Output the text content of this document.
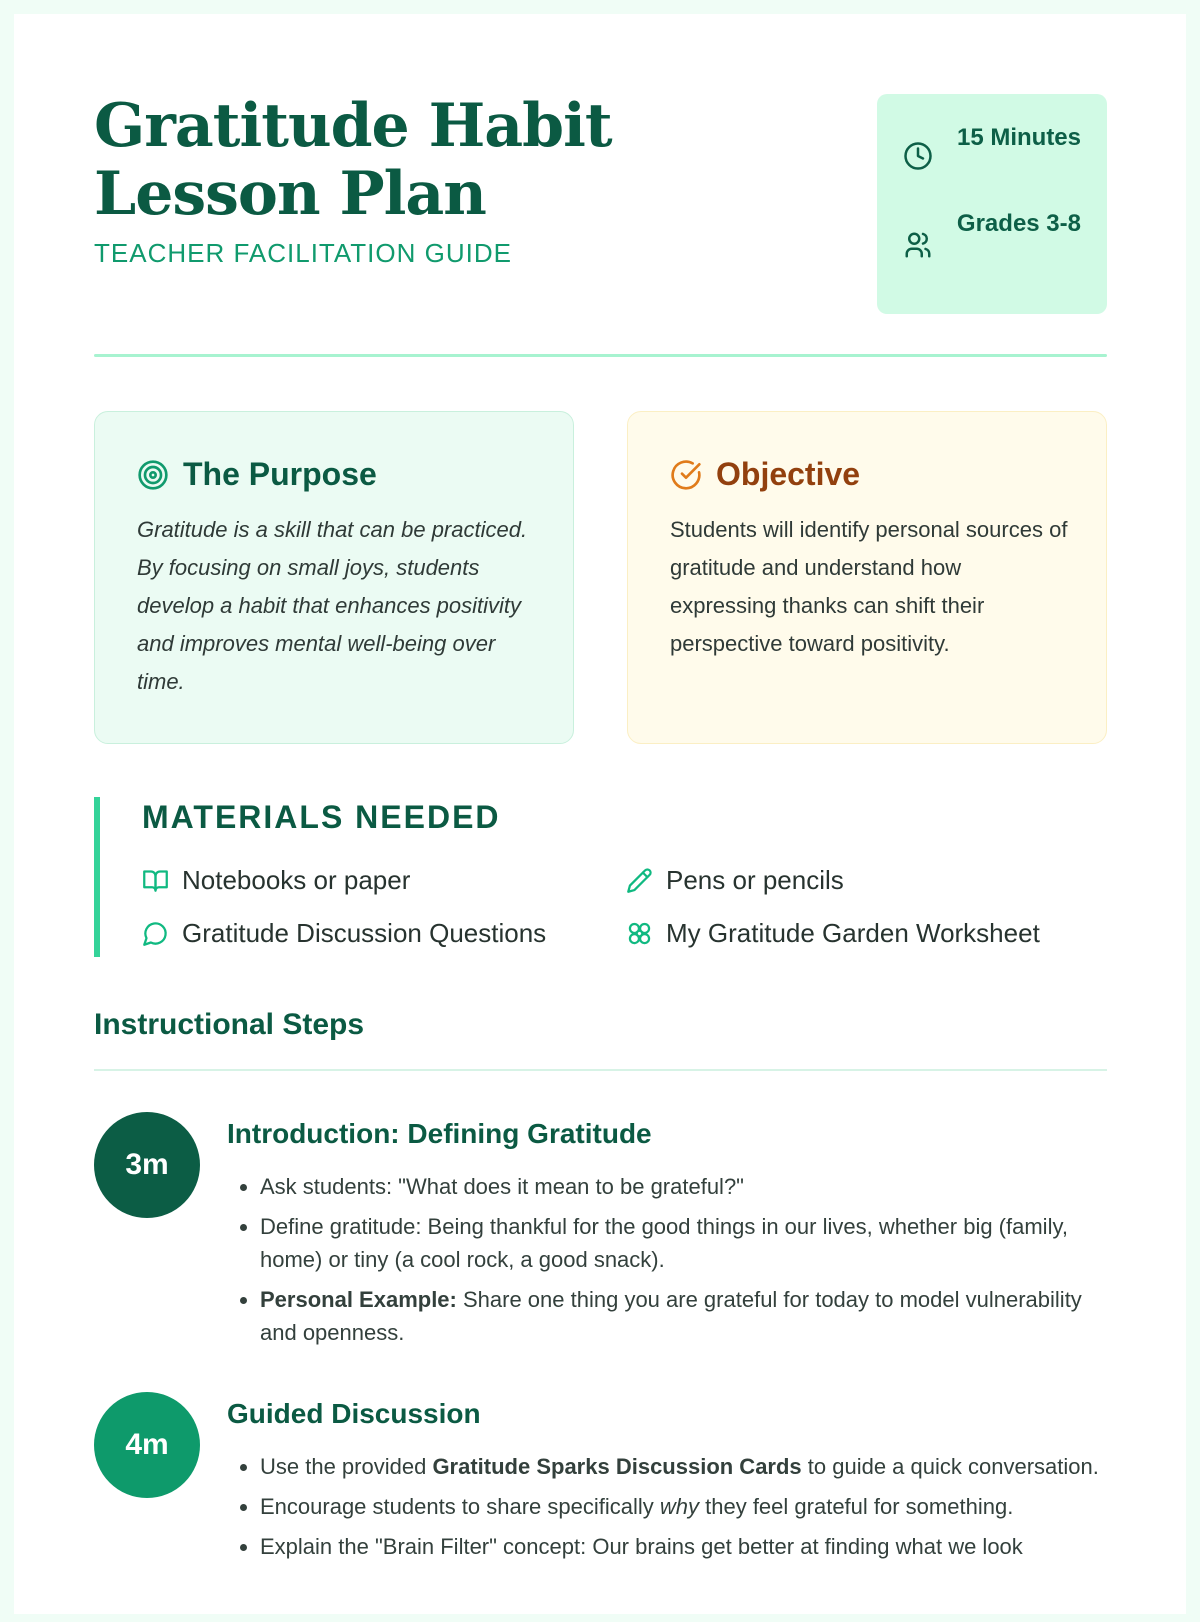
Gratitude Habit Lesson Plan
TEACHER FACILITATION GUIDE
15 Minutes
Grades 3-8
The Purpose
Gratitude is a skill that can be practiced. By focusing on small joys, students develop a habit that enhances positivity and improves mental well-being over time.
Objective
Students will identify personal sources of gratitude and understand how expressing thanks can shift their perspective toward positivity.
MATERIALS NEEDED
Notebooks or paper	Pens or pencils
Gratitude Discussion Questions	My Gratitude Garden Worksheet
Instructional Steps
3m
Introduction: Defining Gratitude
• Ask students: "What does it mean to be grateful?"
• Define gratitude: Being thankful for the good things in our lives, whether big (family, home) or tiny (a cool rock, a good snack).
• Personal Example: Share one thing you are grateful for today to model vulnerability and openness.
4m
Guided Discussion
• Use the provided Gratitude Sparks Discussion Cards to guide a quick conversation.
• Encourage students to share specifically why they feel grateful for something.
• Explain the "Brain Filter" concept: Our brains get better at finding what we look
